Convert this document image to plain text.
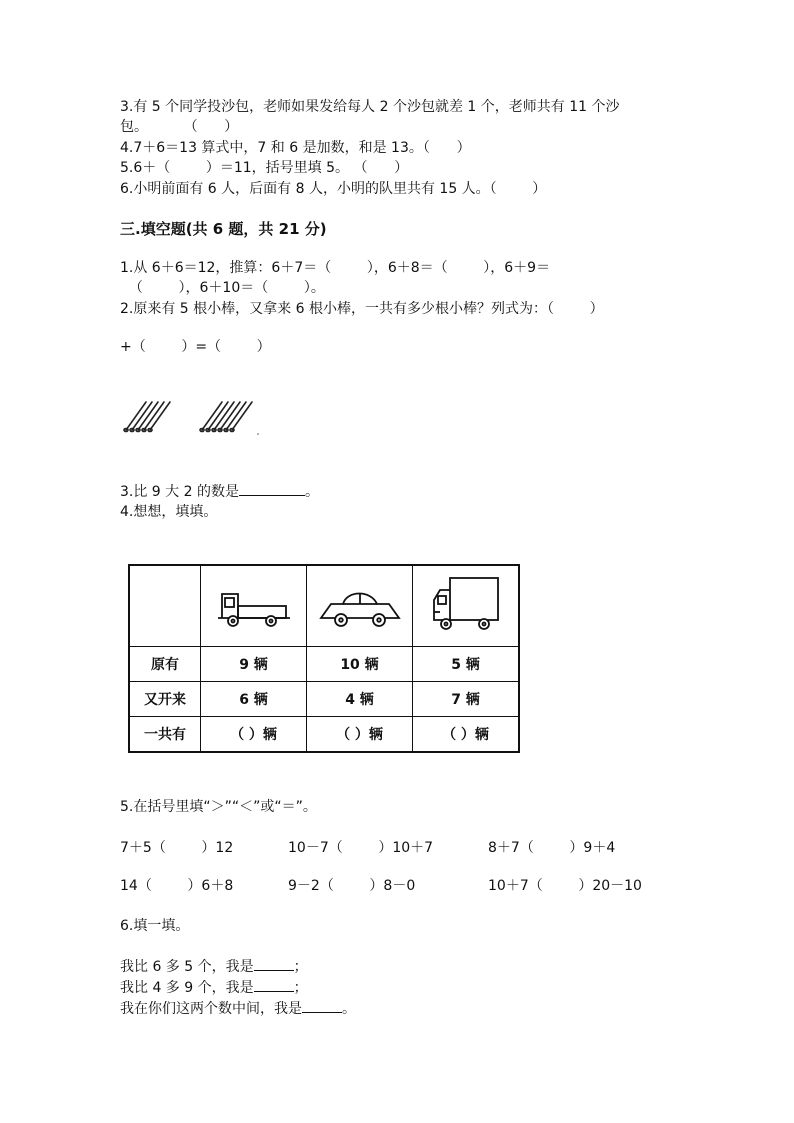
3.有 5 个同学投沙包，老师如果发给每人 2 个沙包就差 1 个，老师共有 11 个沙
包。        （      ）
4.7＋6＝13 算式中，7 和 6 是加数，和是 13。（      ）
5.6＋（        ）＝11，括号里填 5。 （      ）
6.小明前面有 6 人，后面有 8 人，小明的队里共有 15 人。（        ）
三.填空题(共 6 题，共 21 分)
1.从 6＋6＝12，推算：6＋7＝（        ），6＋8＝（        ），6＋9＝
（        ），6＋10＝（        ）。
2.原来有 5 根小棒，又拿来 6 根小棒，一共有多少根小棒？列式为：（        ）
+（        ）=（        ）
3.比 9 大 2 的数是	。
4.想想，填填。

原有	9 辆	10 辆	5 辆
又开来	6 辆	4 辆	7 辆
一共有	（ ）辆	（ ）辆	（ ）辆
5.在括号里填“＞”“＜”或“＝”。
7＋5（        ）12	10－7（        ）10＋7	8＋7（        ）9＋4
14（        ）6＋8	9－2（        ）8－0	10＋7（        ）20－10
6.填一填。
我比 6 多 5 个，我是	；
我比 4 多 9 个，我是	；
我在你们这两个数中间，我是	。
